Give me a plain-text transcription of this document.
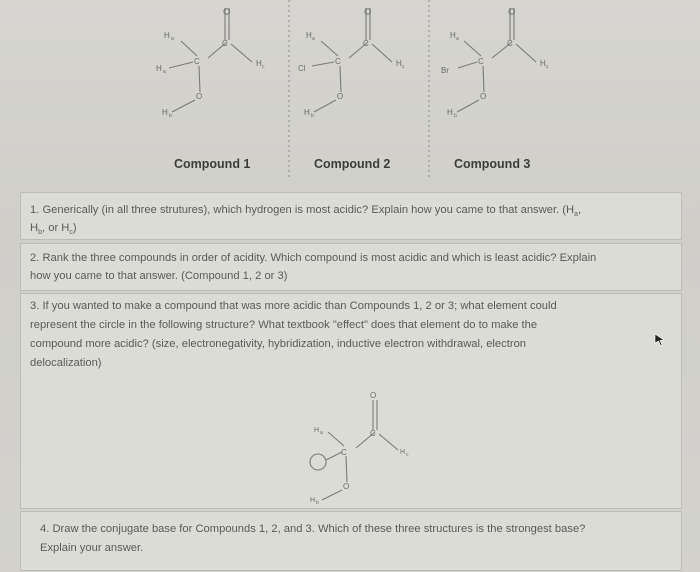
O
C
C
O
H a
H c
H a
H b
O
C
C
O
H a
H c
Cl
H b
O
C
C
O
H a
H c
Br
H b
Compound 1	Compound 2	Compound 3
1. Generically (in all three strutures), which hydrogen is most acidic? Explain how you came to that answer. ($H_a$,
$H_b$, or $H_c$)
2. Rank the three compounds in order of acidity. Which compound is most acidic and which is least acidic? Explain
how you came to that answer. (Compound 1, 2 or 3)
3. If you wanted to make a compound that was more acidic than Compounds 1, 2 or 3; what element could
represent the circle in the following structure? What textbook "effect" does that element do to make the
compound more acidic? (size, electronegativity, hybridization, inductive electron withdrawal, electron
delocalization)
O
C
C
O
H a
H c
H b
4. Draw the conjugate base for Compounds 1, 2, and 3. Which of these three structures is the strongest base?
Explain your answer.
